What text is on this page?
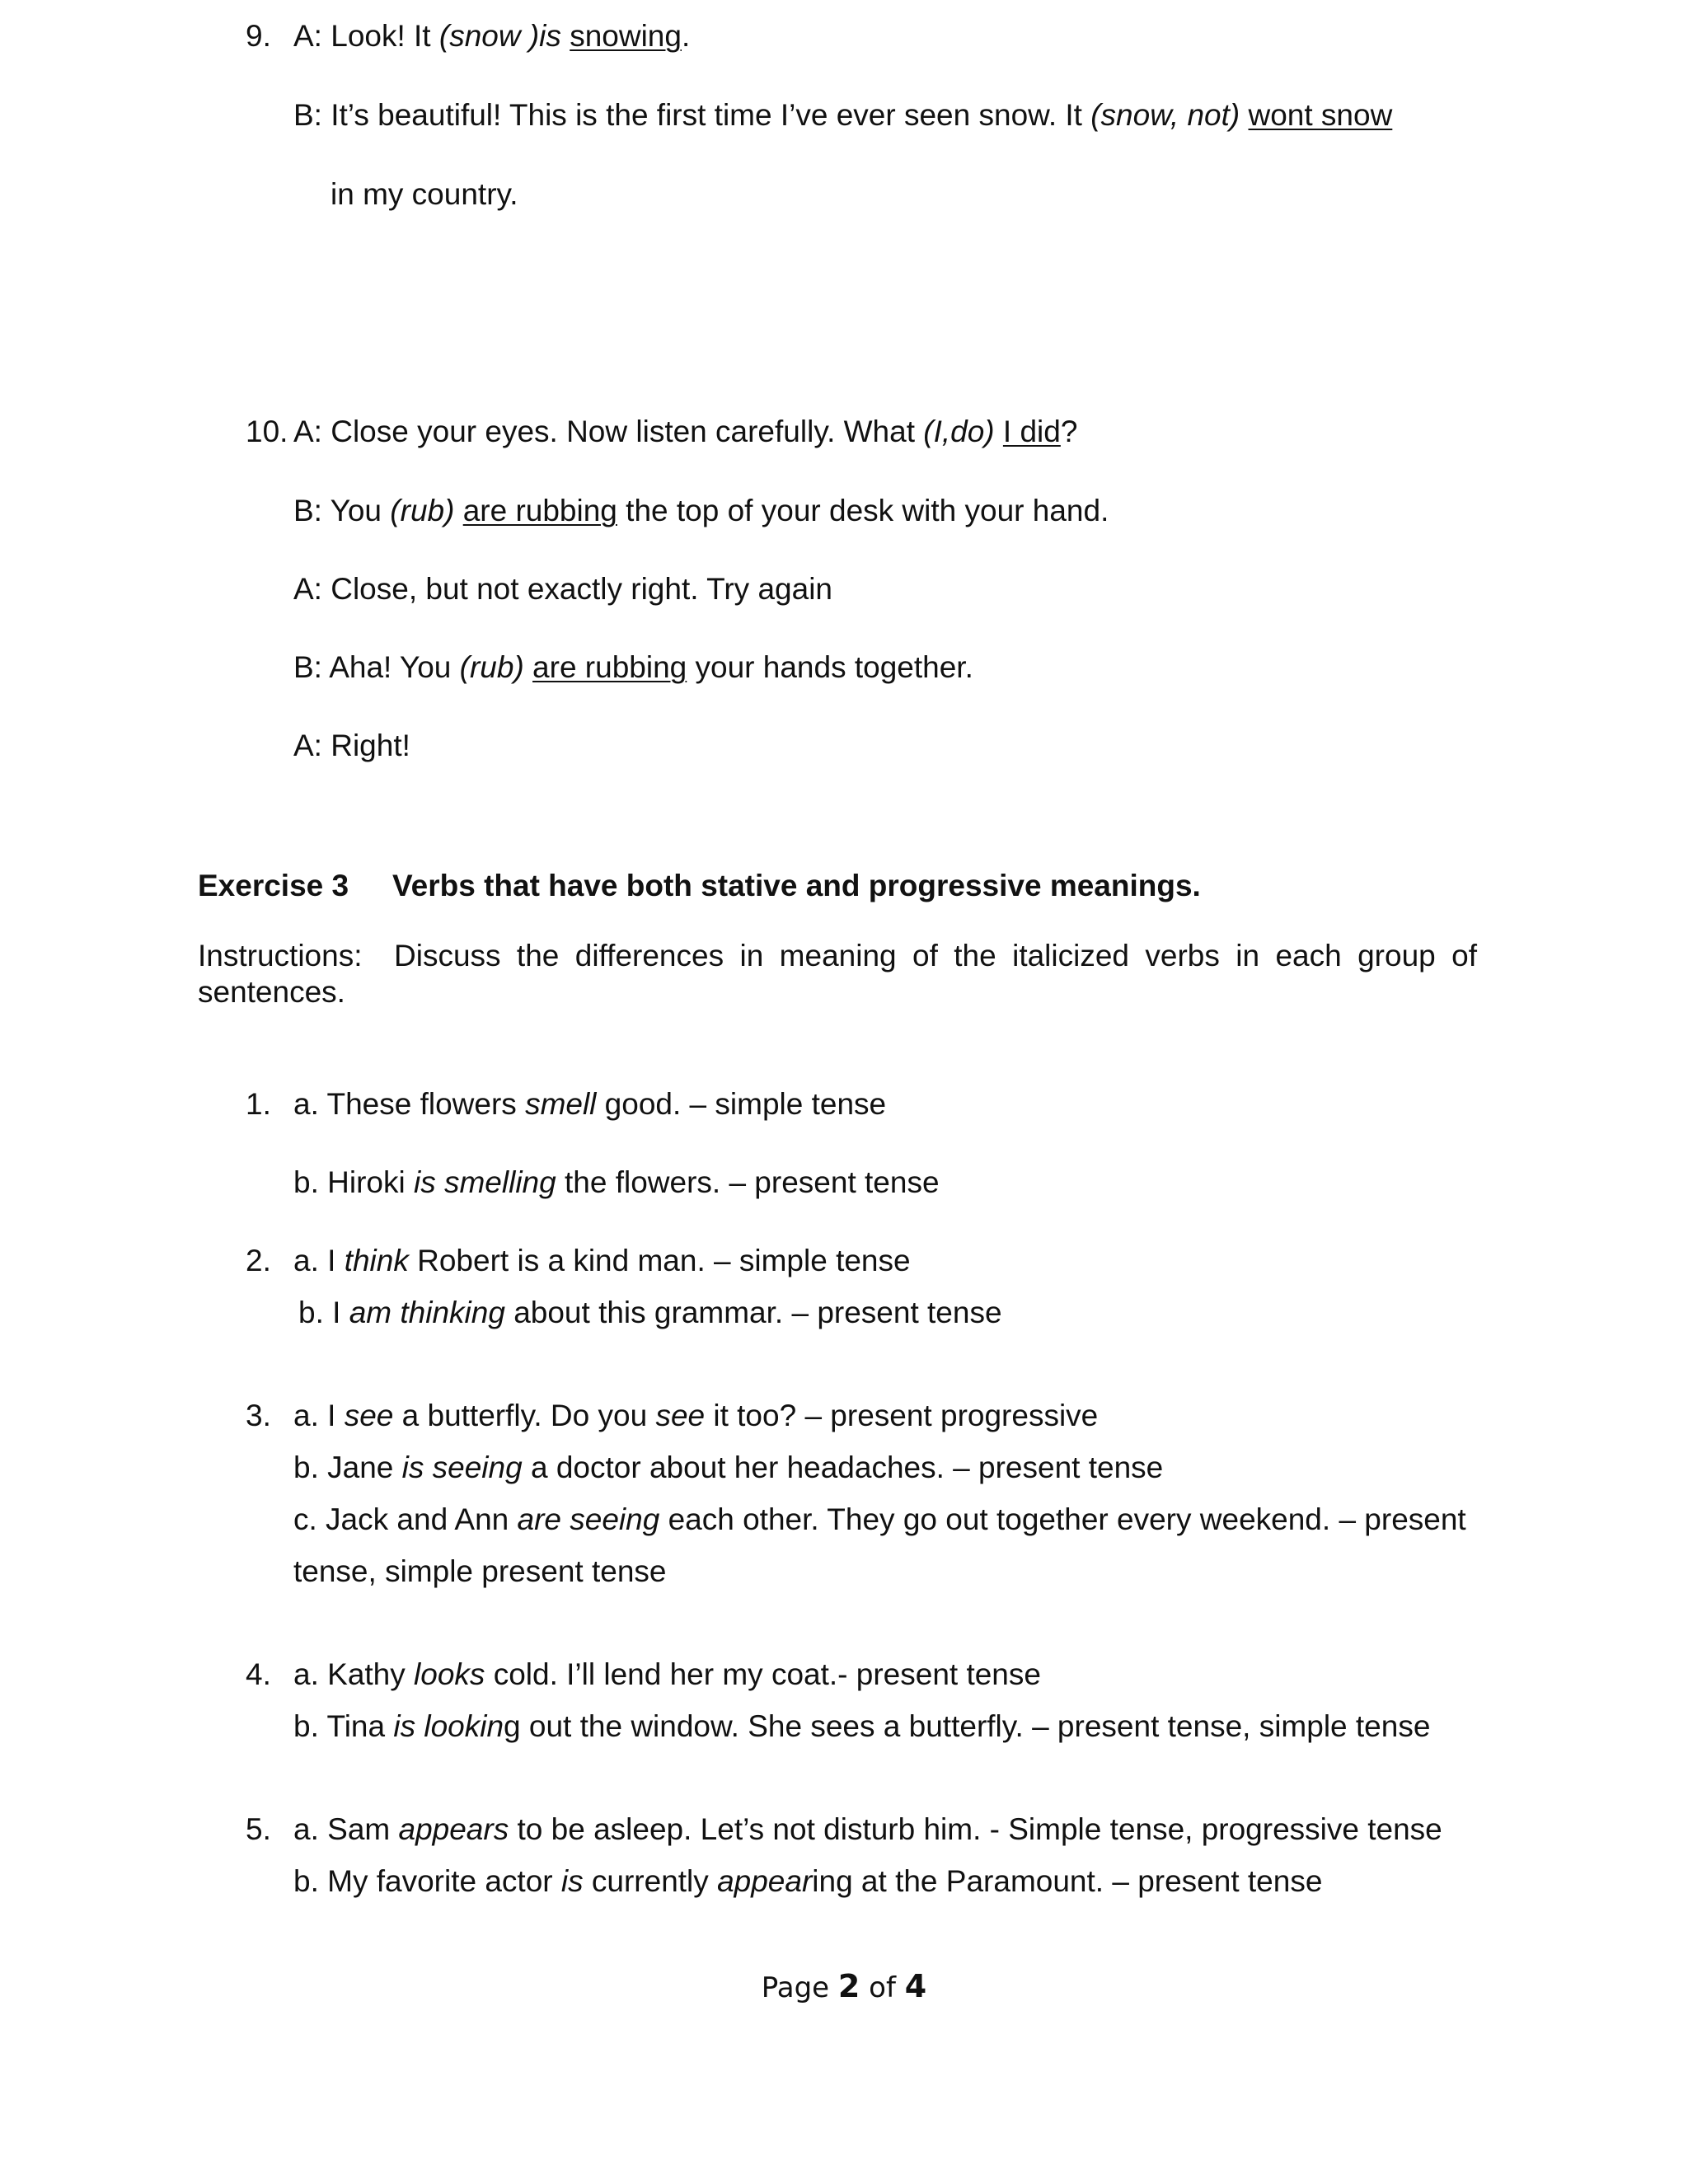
9. A: Look! It (snow )is snowing.
B: It’s beautiful! This is the first time I’ve ever seen snow. It (snow, not) wont snow
in my country.
10. A: Close your eyes. Now listen carefully. What (I,do) I did?
B: You (rub) are rubbing the top of your desk with your hand.
A: Close, but not exactly right. Try again
B: Aha! You (rub) are rubbing your hands together.
A: Right!
Exercise 3 Verbs that have both stative and progressive meanings.
Instructions: Discuss the differences in meaning of the italicized verbs in each group of sentences.
1. a. These flowers smell good. – simple tense
b. Hiroki is smelling the flowers. – present tense
2. a. I think Robert is a kind man. – simple tense
b. I am thinking about this grammar. – present tense
3. a. I see a butterfly. Do you see it too? – present progressive
b. Jane is seeing a doctor about her headaches. – present tense
c. Jack and Ann are seeing each other. They go out together every weekend. – present
tense, simple present tense
4. a. Kathy looks cold. I’ll lend her my coat.- present tense
b. Tina is looking out the window. She sees a butterfly. – present tense, simple tense
5. a. Sam appears to be asleep. Let’s not disturb him. - Simple tense, progressive tense
b. My favorite actor is currently appearing at the Paramount. – present tense
Page 2 of 4
